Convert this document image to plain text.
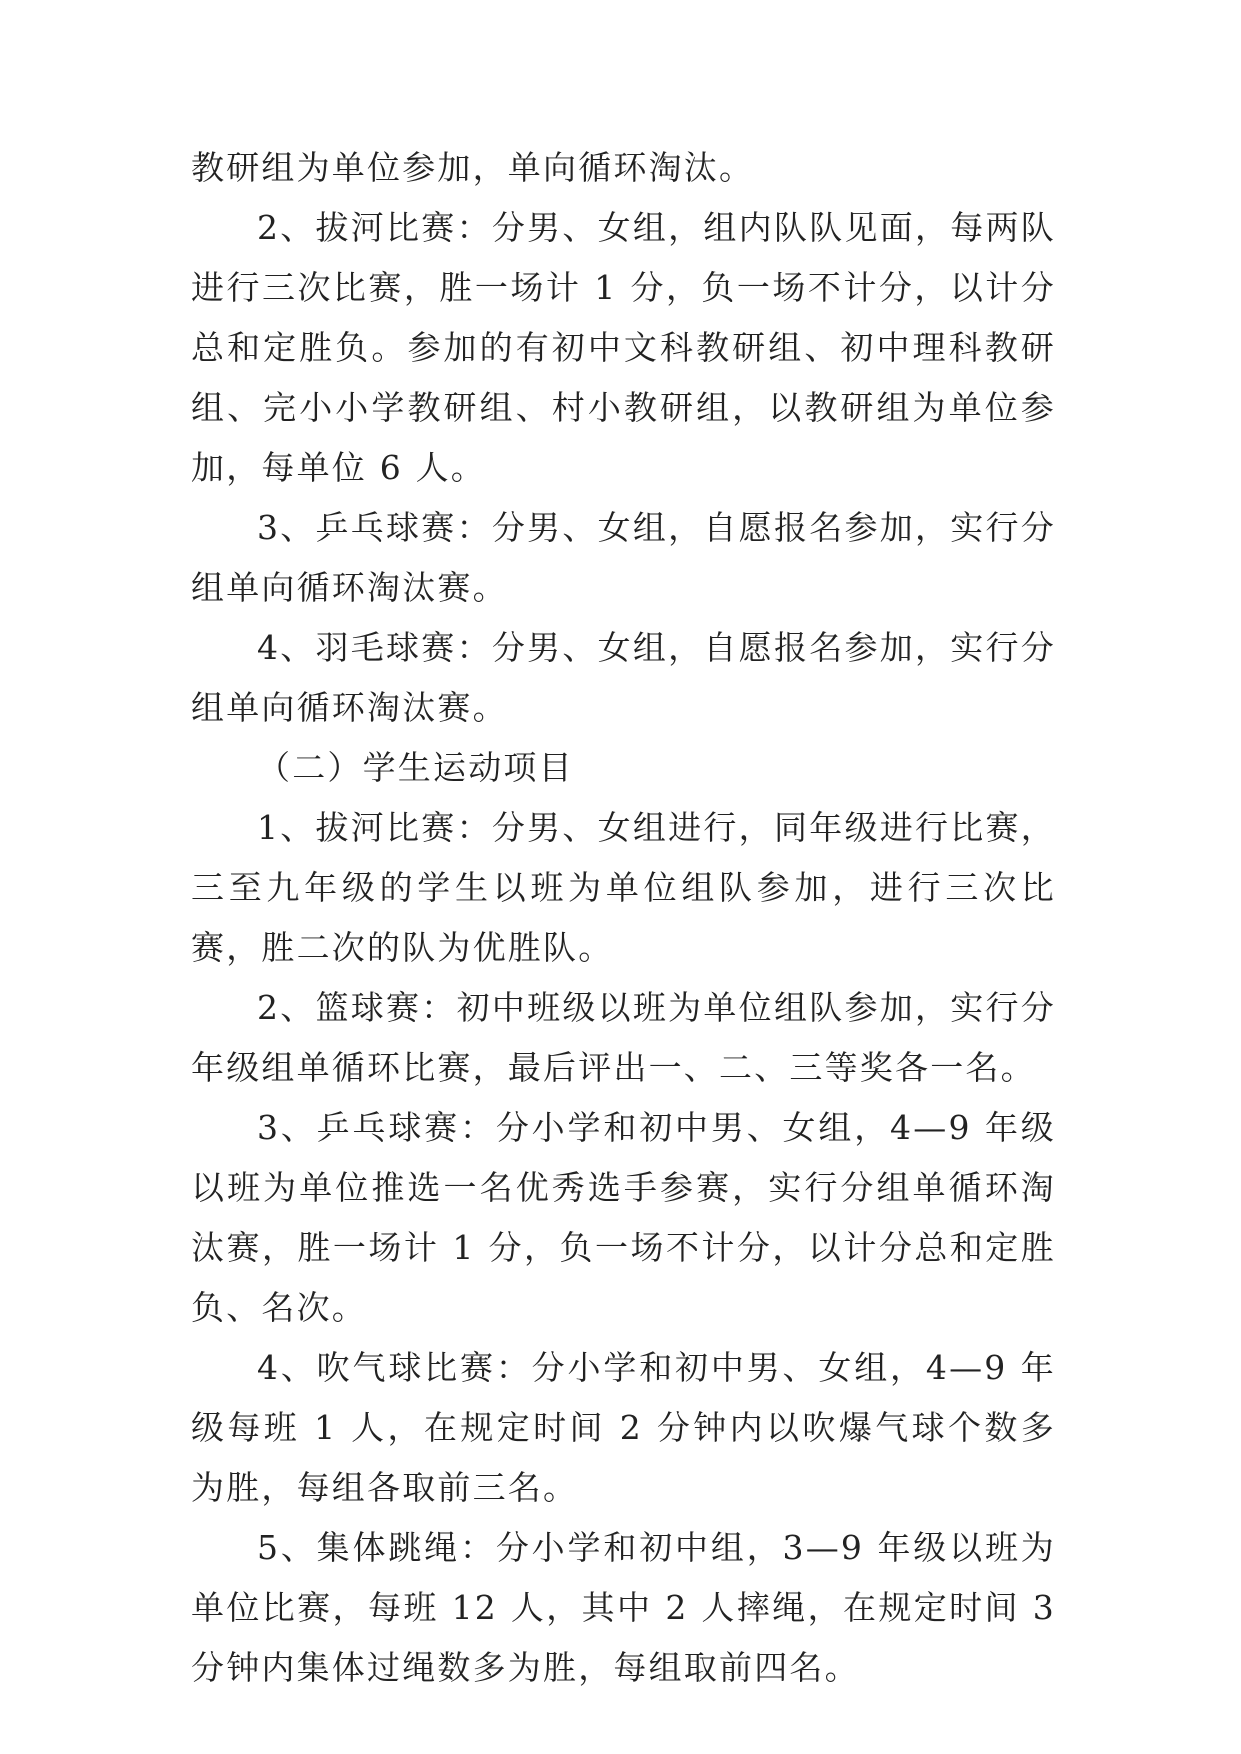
教研组为单位参加，单向循环淘汰。

2、拔河比赛：分男、女组，组内队队见面，每两队进行三次比赛，胜一场计 1 分，负一场不计分，以计分总和定胜负。参加的有初中文科教研组、初中理科教研组、完小小学教研组、村小教研组，以教研组为单位参加，每单位 6 人。

3、乒乓球赛：分男、女组，自愿报名参加，实行分组单向循环淘汰赛。

4、羽毛球赛：分男、女组，自愿报名参加，实行分组单向循环淘汰赛。

（二）学生运动项目

1、拔河比赛：分男、女组进行，同年级进行比赛，三至九年级的学生以班为单位组队参加，进行三次比赛，胜二次的队为优胜队。

2、篮球赛：初中班级以班为单位组队参加，实行分年级组单循环比赛，最后评出一、二、三等奖各一名。

3、乒乓球赛：分小学和初中男、女组，4—9 年级以班为单位推选一名优秀选手参赛，实行分组单循环淘汰赛，胜一场计 1 分，负一场不计分，以计分总和定胜负、名次。

4、吹气球比赛：分小学和初中男、女组，4—9 年级每班 1 人，在规定时间 2 分钟内以吹爆气球个数多为胜，每组各取前三名。

5、集体跳绳：分小学和初中组，3—9 年级以班为单位比赛，每班 12 人，其中 2 人摔绳，在规定时间 3 分钟内集体过绳数多为胜，每组取前四名。
